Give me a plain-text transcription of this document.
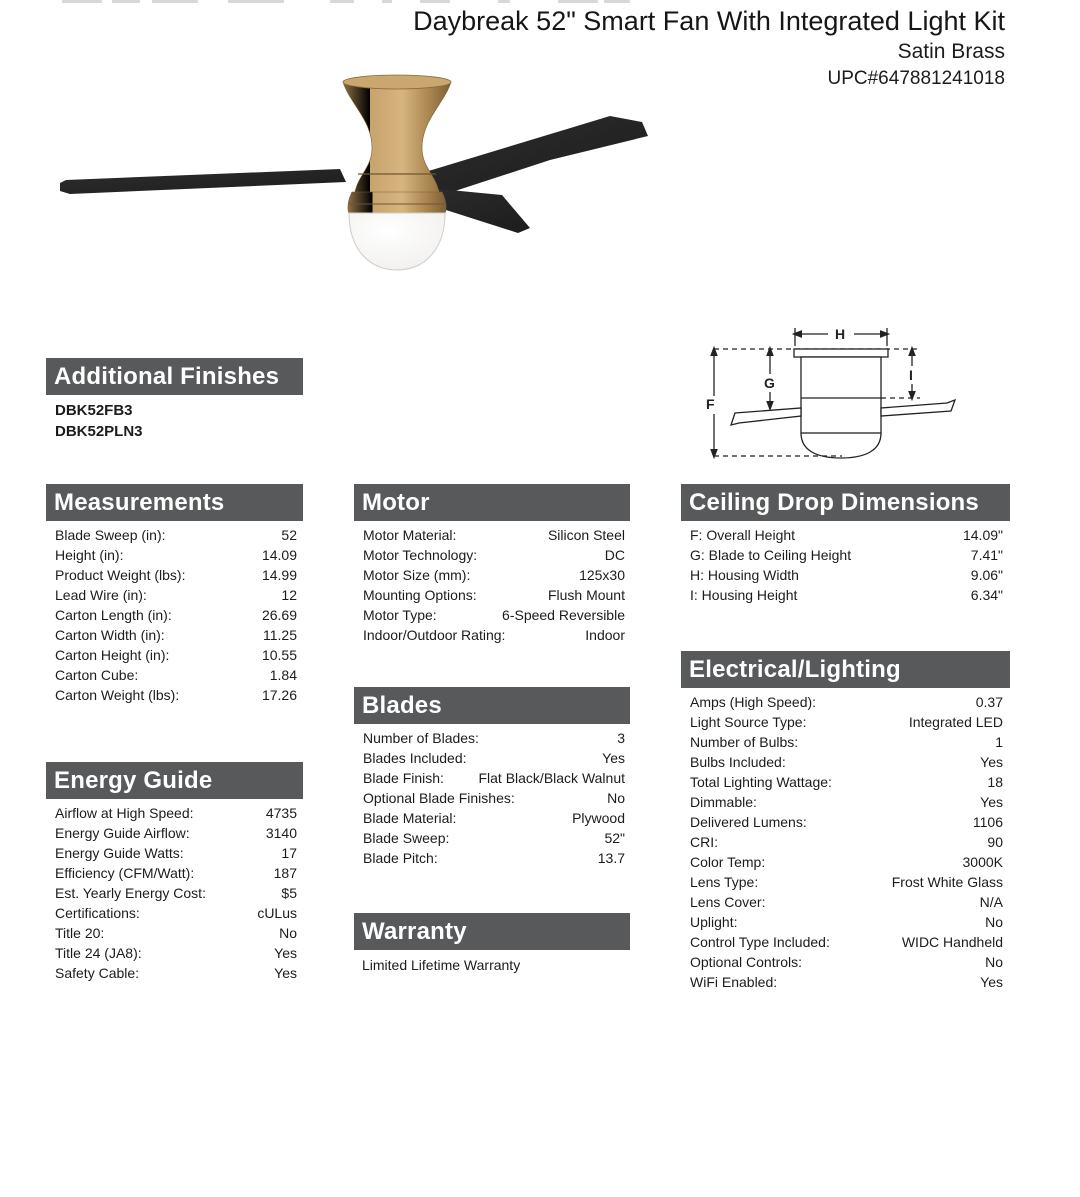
Daybreak 52" Smart Fan With Integrated Light Kit
Satin Brass
UPC#647881241018
F
G
H
I
Additional Finishes
DBK52FB3
DBK52PLN3
Measurements
Blade Sweep (in):	52
Height (in):	14.09
Product Weight (lbs):	14.99
Lead Wire (in):	12
Carton Length (in):	26.69
Carton Width (in):	11.25
Carton Height (in):	10.55
Carton Cube:	1.84
Carton Weight (lbs):	17.26
Energy Guide
Airflow at High Speed:	4735
Energy Guide Airflow:	3140
Energy Guide Watts:	17
Efficiency (CFM/Watt):	187
Est. Yearly Energy Cost:	$5
Certifications:	cULus
Title 20:	No
Title 24 (JA8):	Yes
Safety Cable:	Yes
Motor
Motor Material:	Silicon Steel
Motor Technology:	DC
Motor Size (mm):	125x30
Mounting Options:	Flush Mount
Motor Type:	6-Speed Reversible
Indoor/Outdoor Rating:	Indoor
Blades
Number of Blades:	3
Blades Included:	Yes
Blade Finish: Flat Black/Black Walnut
Optional Blade Finishes:	No
Blade Material:	Plywood
Blade Sweep:	52"
Blade Pitch:	13.7
Warranty
Limited Lifetime Warranty
Ceiling Drop Dimensions
F: Overall Height	14.09"
G: Blade to Ceiling Height	7.41"
H: Housing Width	9.06"
I: Housing Height	6.34"
Electrical/Lighting
Amps (High Speed):	0.37
Light Source Type:	Integrated LED
Number of Bulbs:	1
Bulbs Included:	Yes
Total Lighting Wattage:	18
Dimmable:	Yes
Delivered Lumens:	1106
CRI:	90
Color Temp:	3000K
Lens Type:	Frost White Glass
Lens Cover:	N/A
Uplight:	No
Control Type Included:	WIDC Handheld
Optional Controls:	No
WiFi Enabled:	Yes
